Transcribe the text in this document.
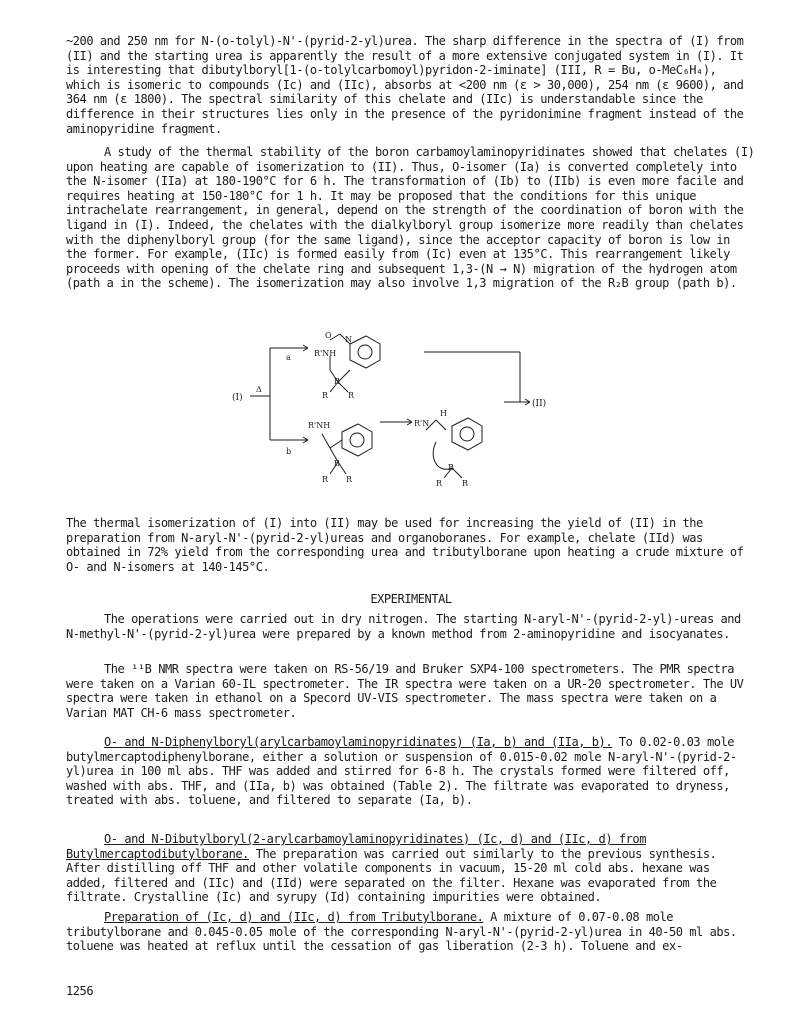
~200 and 250 nm for N-(o-tolyl)-N'-(pyrid-2-yl)urea. The sharp difference in the spectra of (I) from (II) and the starting urea is apparently the result of a more extensive conjugated system in (I). It is interesting that dibutylboryl[1-(o-tolylcarbomoyl)pyridon-2-iminate] (III, R = Bu, o-MeC₆H₄), which is isomeric to compounds (Ic) and (IIc), absorbs at <200 nm (ε > 30,000), 254 nm (ε 9600), and 364 nm (ε 1800). The spectral similarity of this chelate and (IIc) is understandable since the difference in their structures lies only in the presence of the pyridonimine fragment instead of the aminopyridine fragment.

A study of the thermal stability of the boron carbamoylaminopyridinates showed that chelates (I) upon heating are capable of isomerization to (II). Thus, O-isomer (Ia) is converted completely into the N-isomer (IIa) at 180-190°C for 6 h. The transformation of (Ib) to (IIb) is even more facile and requires heating at 150-180°C for 1 h. It may be proposed that the conditions for this unique intrachelate rearrangement, in general, depend on the strength of the coordination of boron with the ligand in (I). Indeed, the chelates with the dialkylboryl group isomerize more readily than chelates with the diphenylboryl group (for the same ligand), since the acceptor capacity of boron is low in the former. For example, (IIc) is formed easily from (Ic) even at 135°C. This rearrangement likely proceeds with opening of the chelate ring and subsequent 1,3-(N → N) migration of the hydrogen atom (path a in the scheme). The isomerization may also involve 1,3 migration of the R₂B group (path b).

(I)
Δ
a
b
O N
R'NH
B
R R
R'NH
B
R R
R'N
H
B
R R
(II)

The thermal isomerization of (I) into (II) may be used for increasing the yield of (II) in the preparation from N-aryl-N'-(pyrid-2-yl)ureas and organoboranes. For example, chelate (IId) was obtained in 72% yield from the corresponding urea and tributylborane upon heating a crude mixture of O- and N-isomers at 140-145°C.

EXPERIMENTAL

The operations were carried out in dry nitrogen. The starting N-aryl-N'-(pyrid-2-yl)-ureas and N-methyl-N'-(pyrid-2-yl)urea were prepared by a known method from 2-aminopyridine and isocyanates.

The ¹¹B NMR spectra were taken on RS-56/19 and Bruker SXP4-100 spectrometers. The PMR spectra were taken on a Varian 60-IL spectrometer. The IR spectra were taken on a UR-20 spectrometer. The UV spectra were taken in ethanol on a Specord UV-VIS spectrometer. The mass spectra were taken on a Varian MAT CH-6 mass spectrometer.

O- and N-Diphenylboryl(arylcarbamoylaminopyridinates) (Ia, b) and (IIa, b). To 0.02-0.03 mole butylmercaptodiphenylborane, either a solution or suspension of 0.015-0.02 mole N-aryl-N'-(pyrid-2-yl)urea in 100 ml abs. THF was added and stirred for 6-8 h. The crystals formed were filtered off, washed with abs. THF, and (IIa, b) was obtained (Table 2). The filtrate was evaporated to dryness, treated with abs. toluene, and filtered to separate (Ia, b).

O- and N-Dibutylboryl(2-arylcarbamoylaminopyridinates) (Ic, d) and (IIc, d) from Butylmercaptodibutylborane. The preparation was carried out similarly to the previous synthesis. After distilling off THF and other volatile components in vacuum, 15-20 ml cold abs. hexane was added, filtered and (IIc) and (IId) were separated on the filter. Hexane was evaporated from the filtrate. Crystalline (Ic) and syrupy (Id) containing impurities were obtained.

Preparation of (Ic, d) and (IIc, d) from Tributylborane. A mixture of 0.07-0.08 mole tributylborane and 0.045-0.05 mole of the corresponding N-aryl-N'-(pyrid-2-yl)urea in 40-50 ml abs. toluene was heated at reflux until the cessation of gas liberation (2-3 h). Toluene and ex-

1256
